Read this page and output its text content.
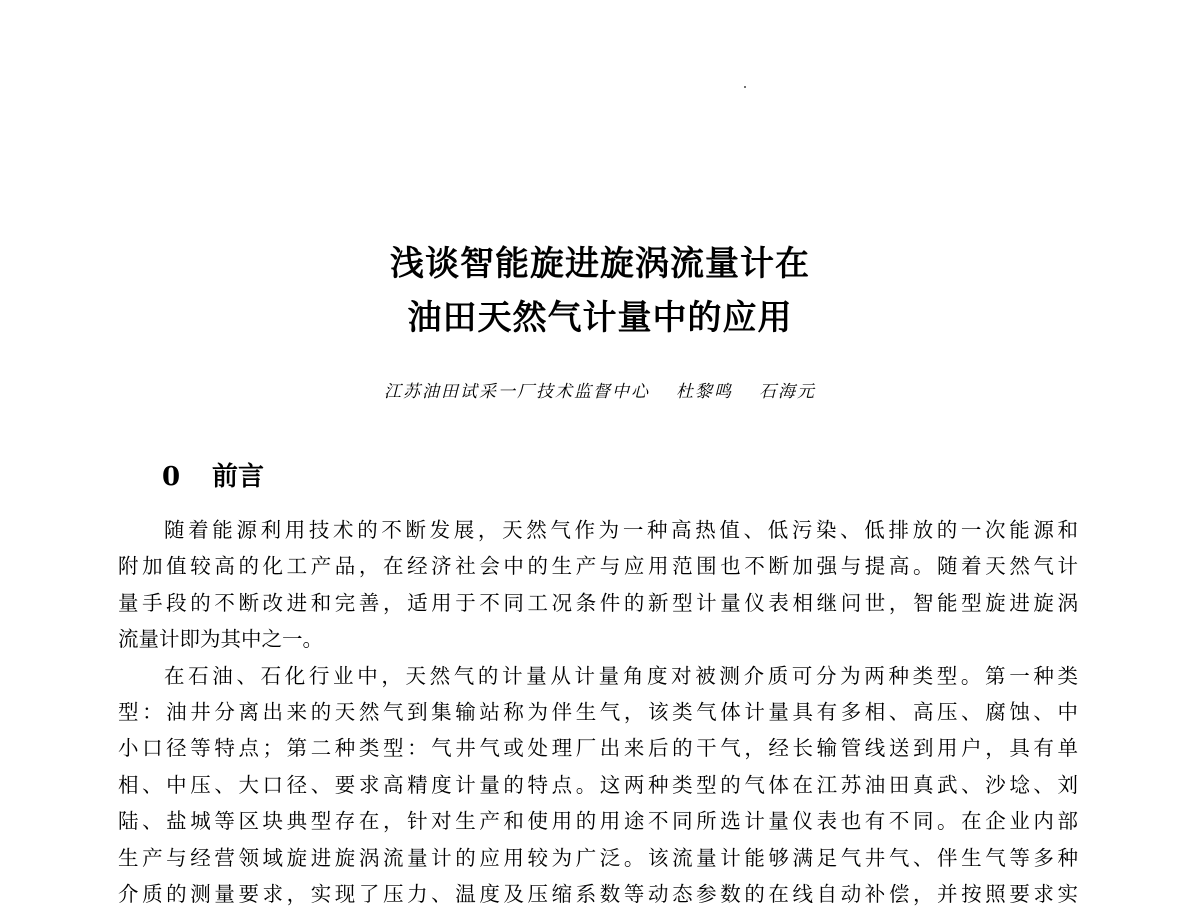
浅谈智能旋进旋涡流量计在
油田天然气计量中的应用
江苏油田试采一厂技术监督中心 杜黎鸣 石海元
0 前言
随着能源利用技术的不断发展，天然气作为一种高热值、低污染、低排放的一次能源和
附加值较高的化工产品，在经济社会中的生产与应用范围也不断加强与提高。随着天然气计
量手段的不断改进和完善，适用于不同工况条件的新型计量仪表相继问世，智能型旋进旋涡
流量计即为其中之一。
在石油、石化行业中，天然气的计量从计量角度对被测介质可分为两种类型。第一种类
型：油井分离出来的天然气到集输站称为伴生气，该类气体计量具有多相、高压、腐蚀、中
小口径等特点；第二种类型：气井气或处理厂出来后的干气，经长输管线送到用户，具有单
相、中压、大口径、要求高精度计量的特点。这两种类型的气体在江苏油田真武、沙埝、刘
陆、盐城等区块典型存在，针对生产和使用的用途不同所选计量仪表也有不同。在企业内部
生产与经营领域旋进旋涡流量计的应用较为广泛。该流量计能够满足气井气、伴生气等多种
介质的测量要求，实现了压力、温度及压缩系数等动态参数的在线自动补偿，并按照要求实
